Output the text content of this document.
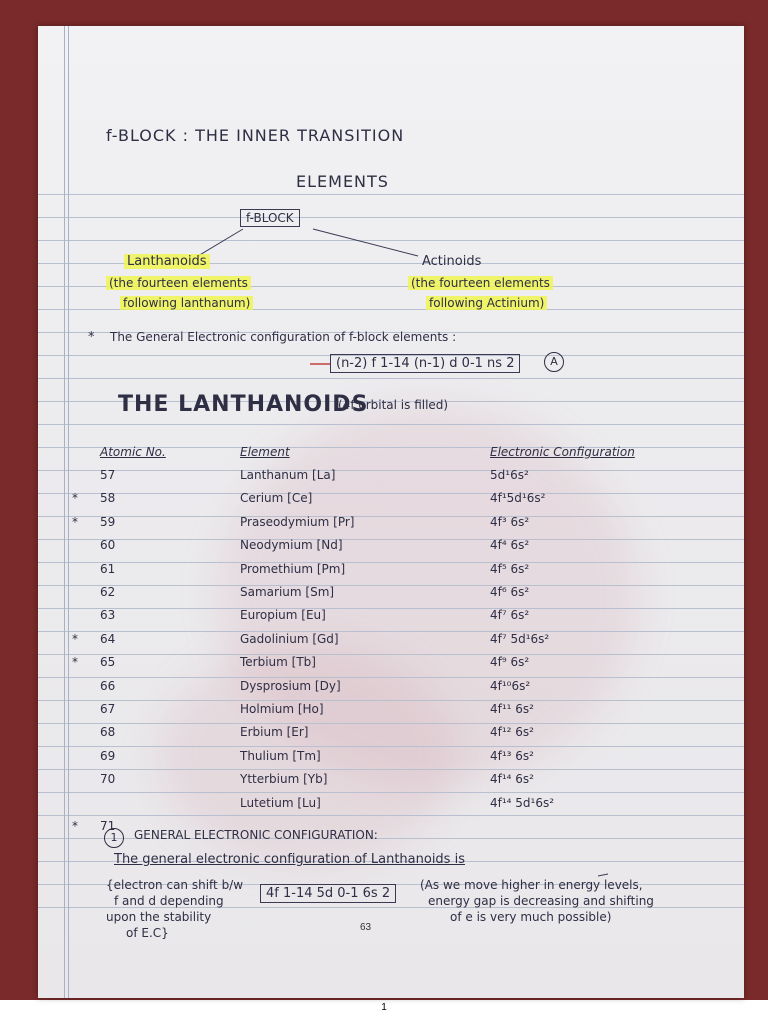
f-BLOCK : THE INNER TRANSITION
ELEMENTS
f-BLOCK
Lanthanoids
(the fourteen elements
following lanthanum)
Actinoids
(the fourteen elements
following Actinium)
* The General Electronic configuration of f-block elements :
(n-2) f 1-14 (n-1) d 0-1 ns 2	A
THE LANTHANOIDS
(4f orbital is filled)
1	GENERAL ELECTRONIC CONFIGURATION:
The general electronic configuration of Lanthanoids is
{electron can shift b/w
f and d depending
upon the stability
of E.C}
4f 1-14 5d 0-1 6s 2
(As we move higher in energy levels,
energy gap is decreasing and shifting
of e is very much possible)
	Atomic No.	Element	Electronic Configuration
	57	Lanthanum [La]	5d¹6s²
*	58	Cerium [Ce]	4f¹5d¹6s²
*	59	Praseodymium [Pr]	4f³ 6s²
	60	Neodymium [Nd]	4f⁴ 6s²
	61	Promethium [Pm]	4f⁵ 6s²
	62	Samarium [Sm]	4f⁶ 6s²
	63	Europium [Eu]	4f⁷ 6s²
*	64	Gadolinium [Gd]	4f⁷ 5d¹6s²
*	65	Terbium [Tb]	4f⁹ 6s²
	66	Dysprosium [Dy]	4f¹⁰6s²
	67	Holmium [Ho]	4f¹¹ 6s²
	68	Erbium [Er]	4f¹² 6s²
	69	Thulium [Tm]	4f¹³ 6s²
	70	Ytterbium [Yb]	4f¹⁴ 6s²
		Lutetium [Lu]	4f¹⁴ 5d¹6s²
*	71		
63
1
